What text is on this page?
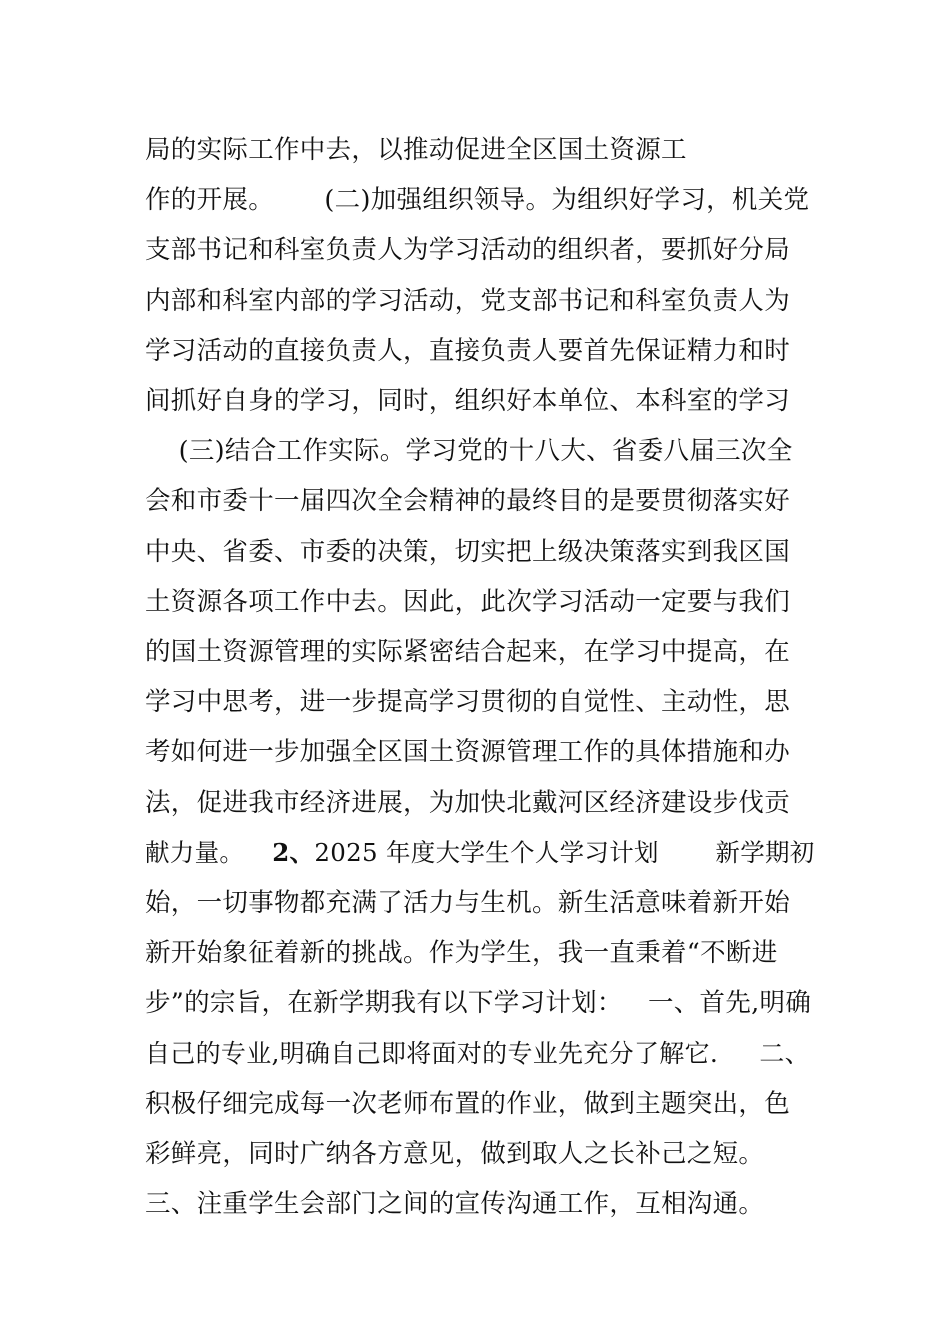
局的实际工作中去，以推动促进全区国土资源工
作的开展。      (二)加强组织领导。为组织好学习，机关党
支部书记和科室负责人为学习活动的组织者，要抓好分局
内部和科室内部的学习活动，党支部书记和科室负责人为
学习活动的直接负责人，直接负责人要首先保证精力和时
间抓好自身的学习，同时，组织好本单位、本科室的学习
(三)结合工作实际。学习党的十八大、省委八届三次全
会和市委十一届四次全会精神的最终目的是要贯彻落实好
中央、省委、市委的决策，切实把上级决策落实到我区国
土资源各项工作中去。因此，此次学习活动一定要与我们
的国土资源管理的实际紧密结合起来，在学习中提高，在
学习中思考，进一步提高学习贯彻的自觉性、主动性，思
考如何进一步加强全区国土资源管理工作的具体措施和办
法，促进我市经济进展，为加快北戴河区经济建设步伐贡
献力量。 2、2025 年度大学生个人学习计划       新学期初
始，一切事物都充满了活力与生机。新生活意味着新开始
新开始象征着新的挑战。作为学生，我一直秉着“不断进
步”的宗旨，在新学期我有以下学习计划：   一、首先,明确
自己的专业,明确自己即将面对的专业先充分了解它.     二、
积极仔细完成每一次老师布置的作业，做到主题突出，色
彩鲜亮，同时广纳各方意见，做到取人之长补己之短。
三、注重学生会部门之间的宣传沟通工作，互相沟通。
